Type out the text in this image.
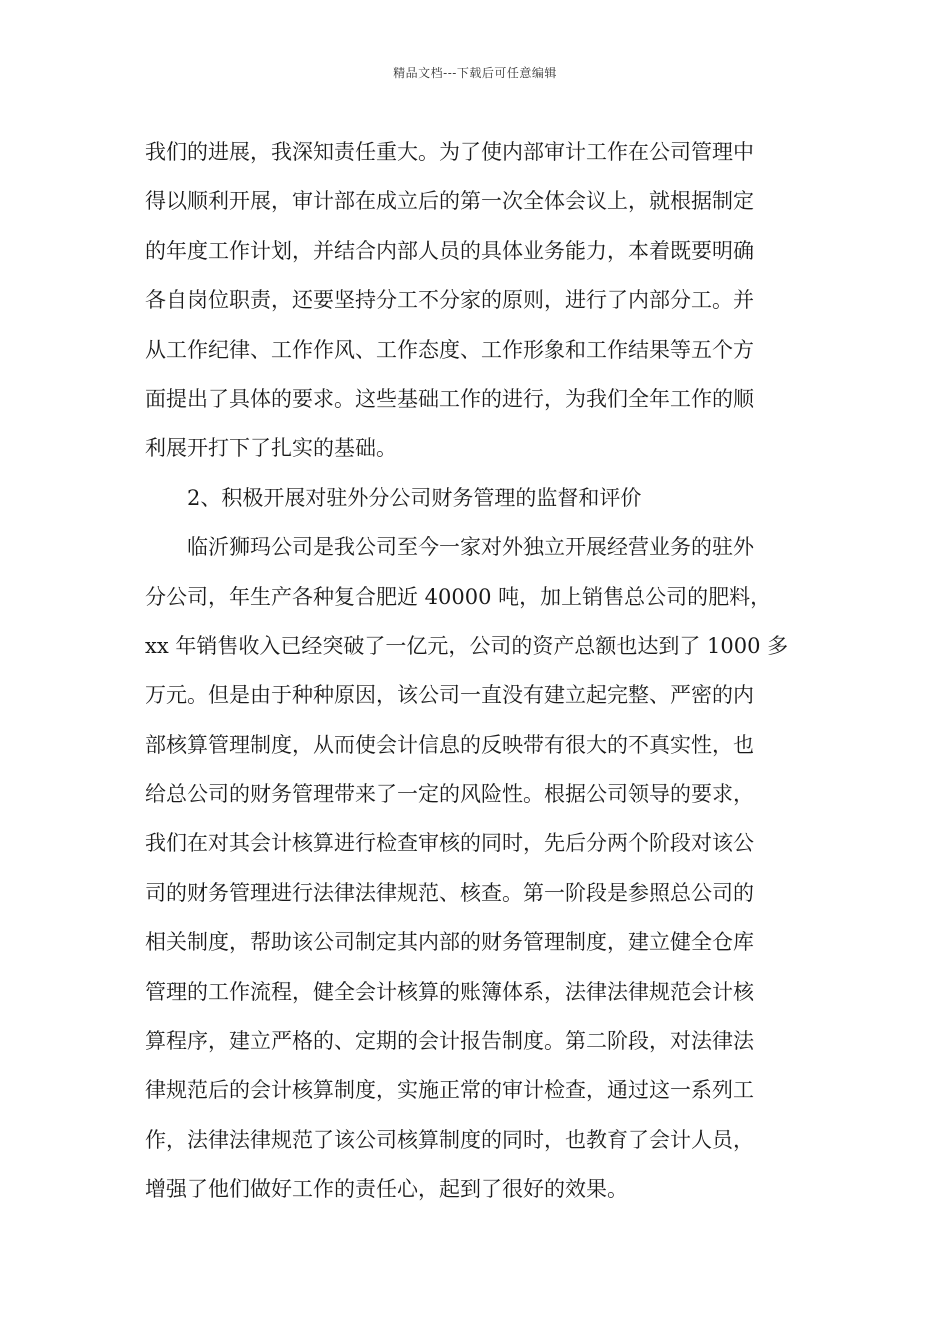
精品文档---下载后可任意编辑
我们的进展，我深知责任重大。为了使内部审计工作在公司管理中
得以顺利开展，审计部在成立后的第一次全体会议上，就根据制定
的年度工作计划，并结合内部人员的具体业务能力，本着既要明确
各自岗位职责，还要坚持分工不分家的原则，进行了内部分工。并
从工作纪律、工作作风、工作态度、工作形象和工作结果等五个方
面提出了具体的要求。这些基础工作的进行，为我们全年工作的顺
利展开打下了扎实的基础。
2、积极开展对驻外分公司财务管理的监督和评价
临沂狮玛公司是我公司至今一家对外独立开展经营业务的驻外
分公司，年生产各种复合肥近 40000 吨，加上销售总公司的肥料，
xx 年销售收入已经突破了一亿元，公司的资产总额也达到了 1000 多
万元。但是由于种种原因，该公司一直没有建立起完整、严密的内
部核算管理制度，从而使会计信息的反映带有很大的不真实性，也
给总公司的财务管理带来了一定的风险性。根据公司领导的要求，
我们在对其会计核算进行检查审核的同时，先后分两个阶段对该公
司的财务管理进行法律法律规范、核查。第一阶段是参照总公司的
相关制度，帮助该公司制定其内部的财务管理制度，建立健全仓库
管理的工作流程，健全会计核算的账簿体系，法律法律规范会计核
算程序，建立严格的、定期的会计报告制度。第二阶段，对法律法
律规范后的会计核算制度，实施正常的审计检查，通过这一系列工
作，法律法律规范了该公司核算制度的同时，也教育了会计人员，
增强了他们做好工作的责任心，起到了很好的效果。
